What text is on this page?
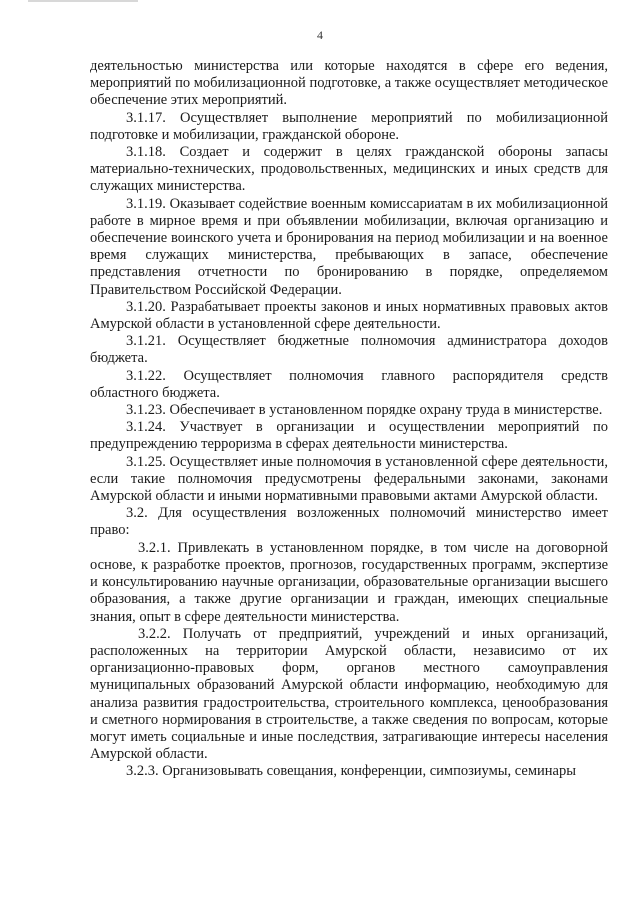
4

деятельностью министерства или которые находятся в сфере его ведения, мероприятий по мобилизационной подготовке, а также осуществляет методическое обеспечение этих мероприятий.

3.1.17. Осуществляет выполнение мероприятий по мобилизационной подготовке и мобилизации, гражданской обороне.

3.1.18. Создает и содержит в целях гражданской обороны запасы материально-технических, продовольственных, медицинских и иных средств для служащих министерства.

3.1.19. Оказывает содействие военным комиссариатам в их мобилизационной работе в мирное время и при объявлении мобилизации, включая организацию и обеспечение воинского учета и бронирования на период мобилизации и на военное время служащих министерства, пребывающих в запасе, обеспечение представления отчетности по бронированию в порядке, определяемом Правительством Российской Федерации.

3.1.20. Разрабатывает проекты законов и иных нормативных правовых актов Амурской области в установленной сфере деятельности.

3.1.21. Осуществляет бюджетные полномочия администратора доходов бюджета.

3.1.22. Осуществляет полномочия главного распорядителя средств областного бюджета.

3.1.23. Обеспечивает в установленном порядке охрану труда в министерстве.

3.1.24. Участвует в организации и осуществлении мероприятий по предупреждению терроризма в сферах деятельности министерства.

3.1.25. Осуществляет иные полномочия в установленной сфере деятельности, если такие полномочия предусмотрены федеральными законами, законами Амурской области и иными нормативными правовыми актами Амурской области.

3.2. Для осуществления возложенных полномочий министерство имеет право:

3.2.1. Привлекать в установленном порядке, в том числе на договорной основе, к разработке проектов, прогнозов, государственных программ, экспертизе и консультированию научные организации, образовательные организации высшего образования, а также другие организации и граждан, имеющих специальные знания, опыт в сфере деятельности министерства.

3.2.2. Получать от предприятий, учреждений и иных организаций, расположенных на территории Амурской области, независимо от их организационно-правовых форм, органов местного самоуправления муниципальных образований Амурской области информацию, необходимую для анализа развития градостроительства, строительного комплекса, ценообразования и сметного нормирования в строительстве, а также сведения по вопросам, которые могут иметь социальные и иные последствия, затрагивающие интересы населения Амурской области.

3.2.3. Организовывать совещания, конференции, симпозиумы, семинары
